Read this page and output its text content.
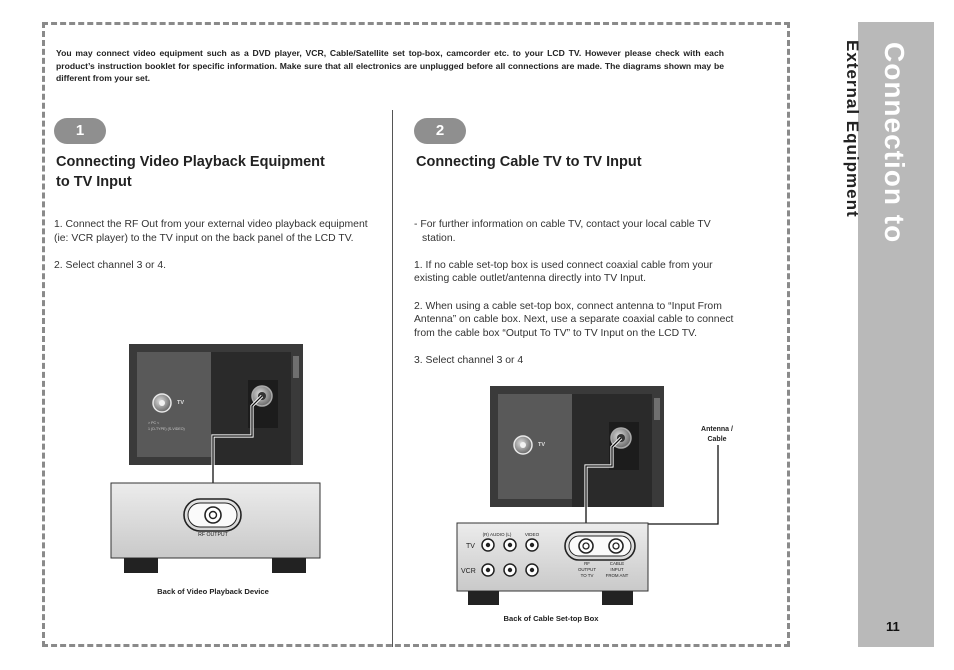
You may connect video equipment such as a DVD player, VCR, Cable/Satellite set top-box, camcorder etc. to your LCD TV. However please check with each product’s instruction booklet for specific information. Make sure that all electronics are unplugged before all connections are made. The diagrams shown may be different from your set.

1
Connecting Video Playback Equipment
to TV Input

1. Connect the RF Out from your external video playback equipment (ie: VCR player) to the TV input on the back panel of the LCD TV.

2. Select channel 3 or 4.

2
Connecting Cable TV to TV Input

- For further information on cable TV, contact your local cable TV station.

1. If no cable set-top box is used connect coaxial cable from your existing cable outlet/antenna directly into TV Input.

2. When using a cable set-top box, connect antenna to “Input From Antenna” on cable box. Next, use a separate coaxial cable to connect from the cable box “Output To TV” to TV Input on the LCD TV.

3. Select channel 3 or 4

TV
> PC <
1 (D-TYPE) (S-VIDEO)
RF OUTPUT
Back of Video Playback Device
TV
Antenna /
Cable
(R) AUDIO (L)	VIDEO
TV
VCR
RF
OUTPUT
TO TV
CABLE
INPUT
FROM ANT
Back of Cable Set-top Box
Connection to
External Equipment
11
